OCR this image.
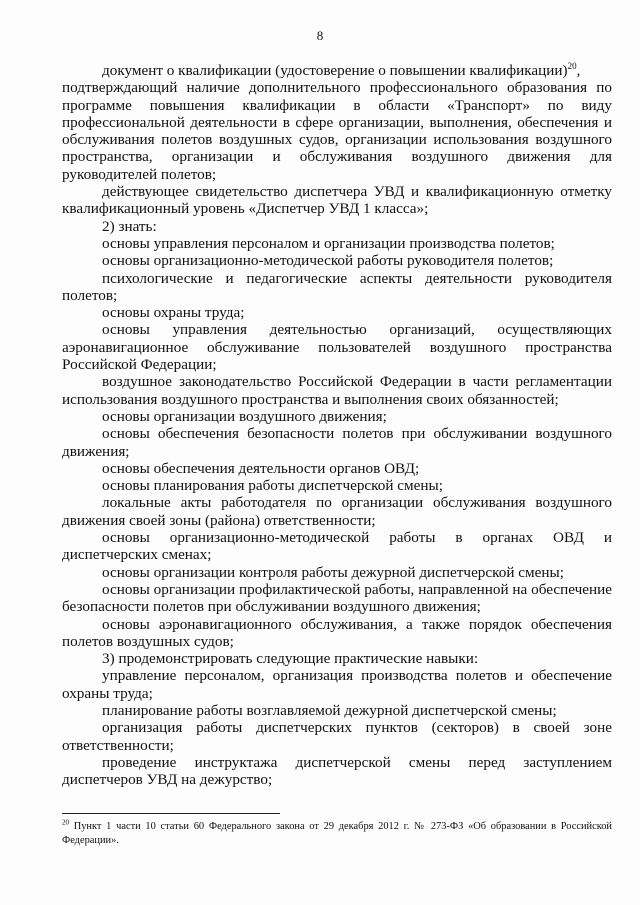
8

документ о квалификации (удостоверение о повышении квалификации)$^{20}$,

подтверждающий наличие дополнительного профессионального образования по программе повышения квалификации в области «Транспорт» по виду профессиональной деятельности в сфере организации, выполнения, обеспечения и обслуживания полетов воздушных судов, организации использования воздушного пространства, организации и обслуживания воздушного движения для руководителей полетов;

действующее свидетельство диспетчера УВД и квалификационную отметку квалификационный уровень «Диспетчер УВД 1 класса»;

2) знать:

основы управления персоналом и организации производства полетов;

основы организационно-методической работы руководителя полетов;

психологические и педагогические аспекты деятельности руководителя полетов;

основы охраны труда;

основы управления деятельностью организаций, осуществляющих аэронавигационное обслуживание пользователей воздушного пространства Российской Федерации;

воздушное законодательство Российской Федерации в части регламентации использования воздушного пространства и выполнения своих обязанностей;

основы организации воздушного движения;

основы обеспечения безопасности полетов при обслуживании воздушного движения;

основы обеспечения деятельности органов ОВД;

основы планирования работы диспетчерской смены;

локальные акты работодателя по организации обслуживания воздушного движения своей зоны (района) ответственности;

основы организационно-методической работы в органах ОВД и диспетчерских сменах;

основы организации контроля работы дежурной диспетчерской смены;

основы организации профилактической работы, направленной на обеспечение безопасности полетов при обслуживании воздушного движения;

основы аэронавигационного обслуживания, а также порядок обеспечения полетов воздушных судов;

3) продемонстрировать следующие практические навыки:

управление персоналом, организация производства полетов и обеспечение охраны труда;

планирование работы возглавляемой дежурной диспетчерской смены;

организация работы диспетчерских пунктов (секторов) в своей зоне ответственности;

проведение инструктажа диспетчерской смены перед заступлением диспетчеров УВД на дежурство;

$^{20}$ Пункт 1 части 10 статьи 60 Федерального закона от 29 декабря 2012 г. № 273-ФЗ «Об образовании в Российской Федерации».
